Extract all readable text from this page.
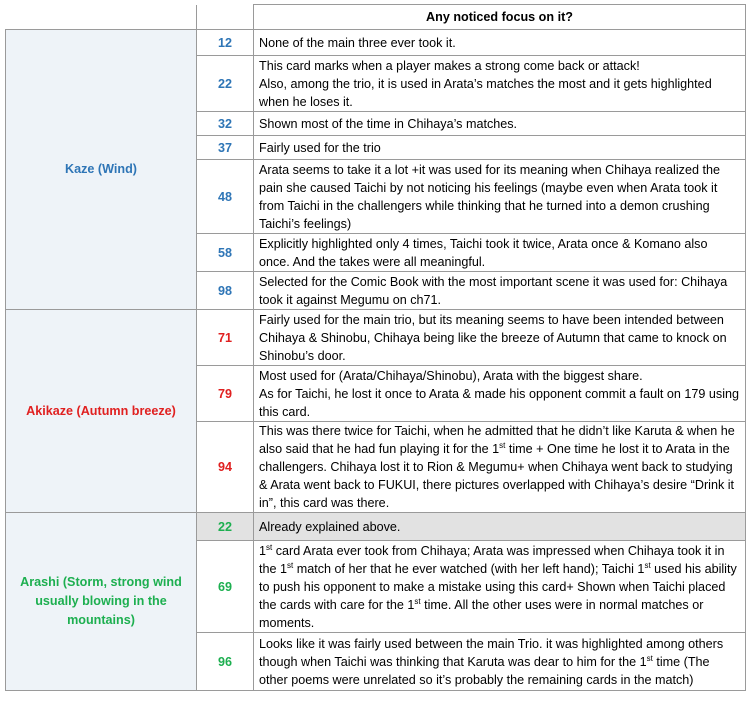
		Any noticed focus on it?
Kaze (Wind)	12	None of the main three ever took it.
	22	This card marks when a player makes a strong come back or attack!
Also, among the trio, it is used in Arata’s matches the most and it gets highlighted when he loses it.
	32	Shown most of the time in Chihaya’s matches.
	37	Fairly used for the trio
	48	Arata seems to take it a lot +it was used for its meaning when Chihaya realized the pain she caused Taichi by not noticing his feelings (maybe even when Arata took it from Taichi in the challengers while thinking that he turned into a demon crushing Taichi’s feelings)
	58	Explicitly highlighted only 4 times, Taichi took it twice, Arata once & Komano also once. And the takes were all meaningful.
	98	Selected for the Comic Book with the most important scene it was used for: Chihaya took it against Megumu on ch71.
Akikaze (Autumn breeze)	71	Fairly used for the main trio, but its meaning seems to have been intended between Chihaya & Shinobu, Chihaya being like the breeze of Autumn that came to knock on Shinobu’s door.
	79	Most used for (Arata/Chihaya/Shinobu), Arata with the biggest share.
As for Taichi, he lost it once to Arata & made his opponent commit a fault on 179 using this card.
	94	This was there twice for Taichi, when he admitted that he didn’t like Karuta & when he also said that he had fun playing it for the 1st time + One time he lost it to Arata in the challengers. Chihaya lost it to Rion & Megumu+ when Chihaya went back to studying & Arata went back to FUKUI, there pictures overlapped with Chihaya’s desire “Drink it in”, this card was there.
Arashi (Storm, strong wind usually blowing in the mountains)	22	Already explained above.
	69	1st card Arata ever took from Chihaya; Arata was impressed when Chihaya took it in the 1st match of her that he ever watched (with her left hand); Taichi 1st used his ability to push his opponent to make a mistake using this card+ Shown when Taichi placed the cards with care for the 1st time. All the other uses were in normal matches or moments.
	96	Looks like it was fairly used between the main Trio. it was highlighted among others though when Taichi was thinking that Karuta was dear to him for the 1st time (The other poems were unrelated so it’s probably the remaining cards in the match)
